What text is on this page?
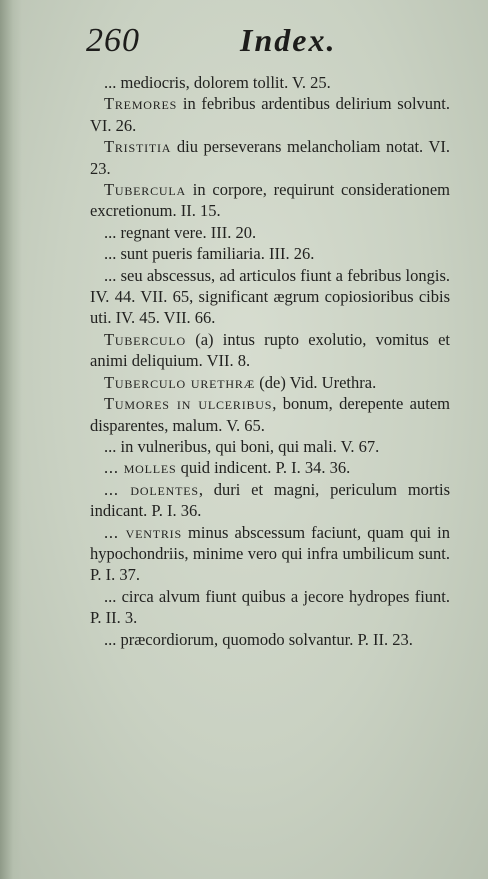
260	Index.

... mediocris, dolorem tollit. V. 25.

Tremores in febribus ardentibus delirium solvunt. VI. 26.

Tristitia diu perseverans melancholiam notat. VI. 23.

Tubercula in corpore, requirunt considerationem excretionum. II. 15.

... regnant vere. III. 20.

... sunt pueris familiaria. III. 26.

... seu abscessus, ad articulos fiunt a febribus longis. IV. 44. VII. 65, significant ægrum copiosioribus cibis uti. IV. 45. VII. 66.

Tuberculo (a) intus rupto exolutio, vomitus et animi deliquium. VII. 8.

Tuberculo urethræ (de) Vid. Urethra.

Tumores in ulceribus, bonum, derepente autem disparentes, malum. V. 65.

... in vulneribus, qui boni, qui mali. V. 67.

... molles quid indicent. P. I. 34. 36.

... dolentes, duri et magni, periculum mortis indicant. P. I. 36.

... ventris minus abscessum faciunt, quam qui in hypochondriis, minime vero qui infra umbilicum sunt. P. I. 37.

... circa alvum fiunt quibus a jecore hydropes fiunt. P. II. 3.

... præcordiorum, quomodo solvantur. P. II. 23.
